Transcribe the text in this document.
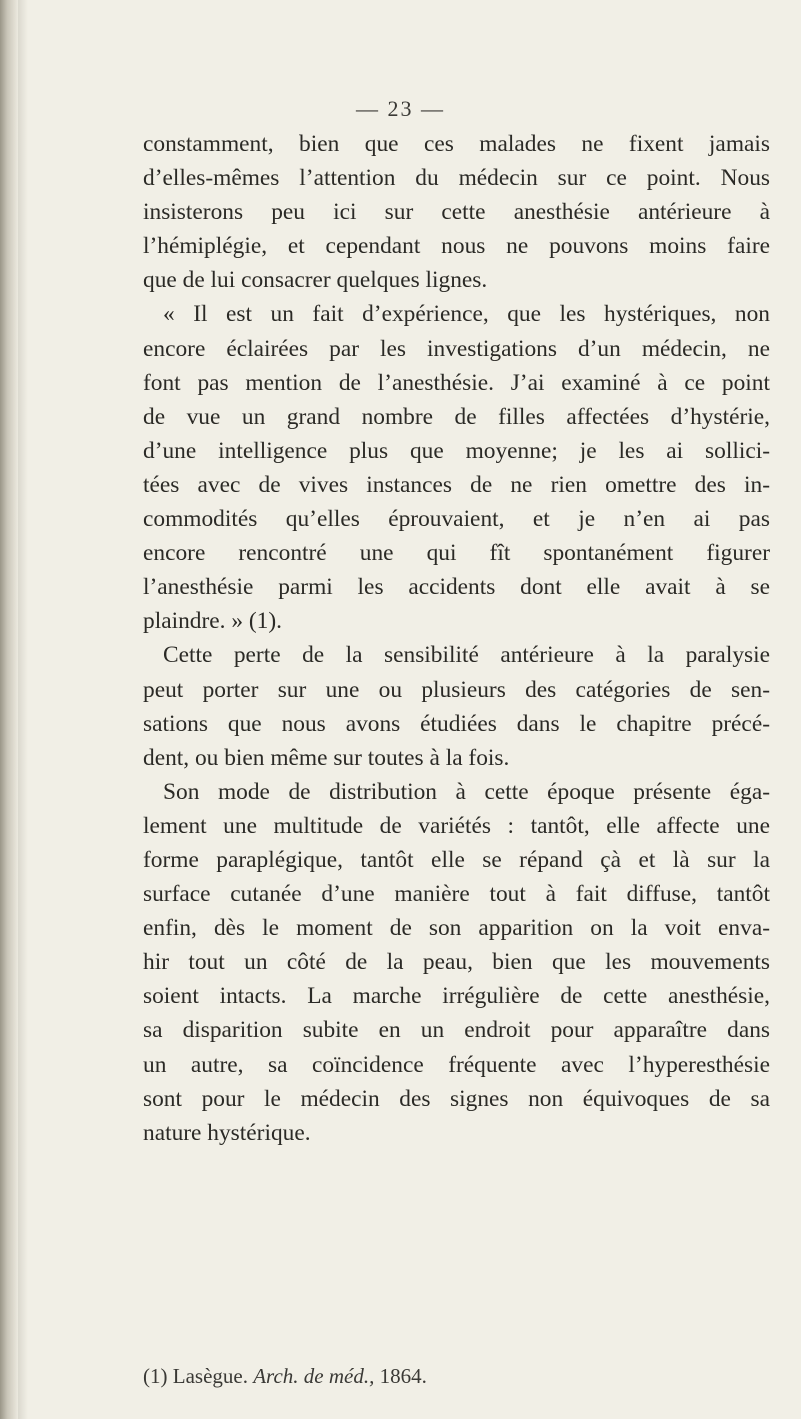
— 23 —
constamment, bien que ces malades ne fixent jamais
d’elles-mêmes l’attention du médecin sur ce point. Nous
insisterons peu ici sur cette anesthésie antérieure à
l’hémiplégie, et cependant nous ne pouvons moins faire
que de lui consacrer quelques lignes.
« Il est un fait d’expérience, que les hystériques, non
encore éclairées par les investigations d’un médecin, ne
font pas mention de l’anesthésie. J’ai examiné à ce point
de vue un grand nombre de filles affectées d’hystérie,
d’une intelligence plus que moyenne; je les ai sollici-
tées avec de vives instances de ne rien omettre des in-
commodités qu’elles éprouvaient, et je n’en ai pas
encore rencontré une qui fît spontanément figurer
l’anesthésie parmi les accidents dont elle avait à se
plaindre. » (1).
Cette perte de la sensibilité antérieure à la paralysie
peut porter sur une ou plusieurs des catégories de sen-
sations que nous avons étudiées dans le chapitre précé-
dent, ou bien même sur toutes à la fois.
Son mode de distribution à cette époque présente éga-
lement une multitude de variétés : tantôt, elle affecte une
forme paraplégique, tantôt elle se répand çà et là sur la
surface cutanée d’une manière tout à fait diffuse, tantôt
enfin, dès le moment de son apparition on la voit enva-
hir tout un côté de la peau, bien que les mouvements
soient intacts. La marche irrégulière de cette anesthésie,
sa disparition subite en un endroit pour apparaître dans
un autre, sa coïncidence fréquente avec l’hyperesthésie
sont pour le médecin des signes non équivoques de sa
nature hystérique.
(1) Lasègue. Arch. de méd., 1864.
